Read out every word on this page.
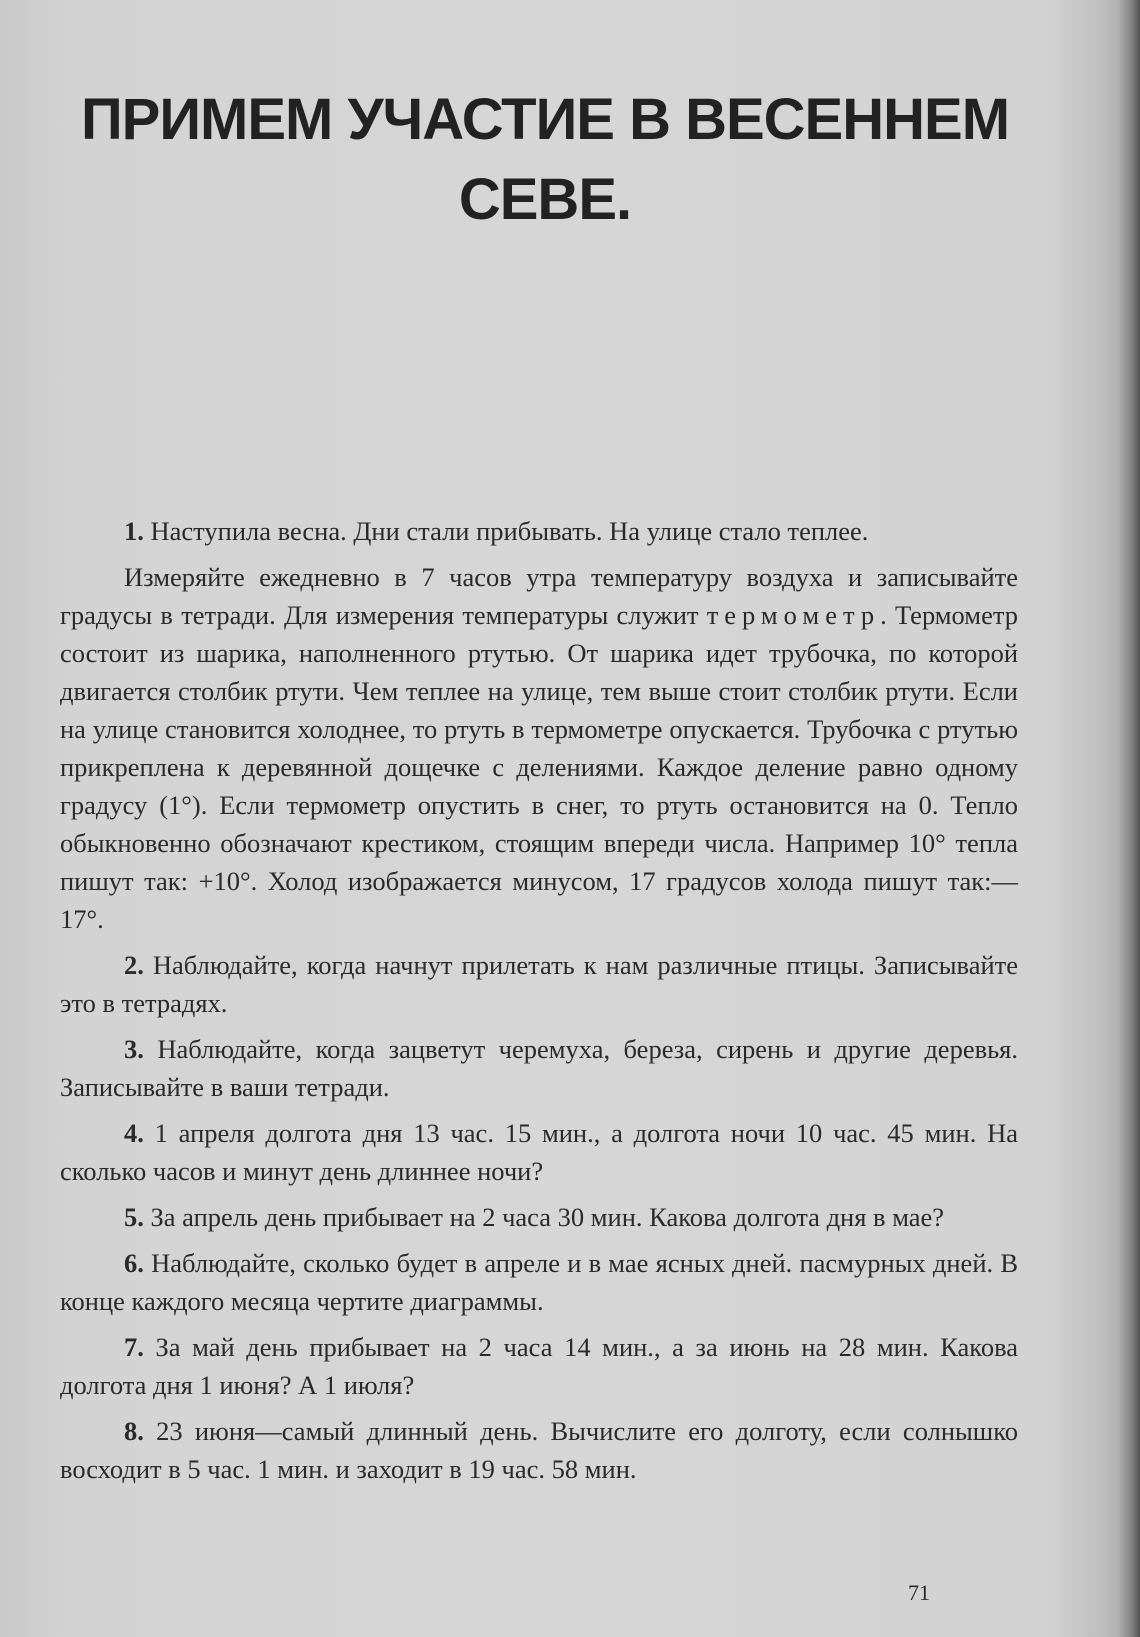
ПРИМЕМ УЧАСТИЕ В ВЕСЕННЕМ
СЕВЕ.

1. Наступила весна. Дни стали прибывать. На улице стало теплее.

Измеряйте ежедневно в 7 часов утра температуру воздуха и записывайте градусы в тетради. Для измерения температуры служит термометр. Термометр состоит из шарика, наполненного ртутью. От шарика идет трубочка, по которой двигается столбик ртути. Чем теплее на улице, тем выше стоит столбик ртути. Если на улице становится холоднее, то ртуть в термометре опускается. Трубочка с ртутью прикреплена к деревянной дощечке с делениями. Каждое деление равно одному градусу (1°). Если термометр опустить в снег, то ртуть остановится на 0. Тепло обыкновенно обозначают крестиком, стоящим впереди числа. Например 10° тепла пишут так: +10°. Холод изображается минусом, 17 градусов холода пишут так:—17°.

2. Наблюдайте, когда начнут прилетать к нам различные птицы. Записывайте это в тетрадях.

3. Наблюдайте, когда зацветут черемуха, береза, сирень и другие деревья. Записывайте в ваши тетради.

4. 1 апреля долгота дня 13 час. 15 мин., а долгота ночи 10 час. 45 мин. На сколько часов и минут день длиннее ночи?

5. За апрель день прибывает на 2 часа 30 мин. Какова долгота дня в мае?

6. Наблюдайте, сколько будет в апреле и в мае ясных дней. пасмурных дней. В конце каждого месяца чертите диаграммы.

7. За май день прибывает на 2 часа 14 мин., а за июнь на 28 мин. Какова долгота дня 1 июня? А 1 июля?

8. 23 июня—самый длинный день. Вычислите его долготу, если солнышко восходит в 5 час. 1 мин. и заходит в 19 час. 58 мин.

71
